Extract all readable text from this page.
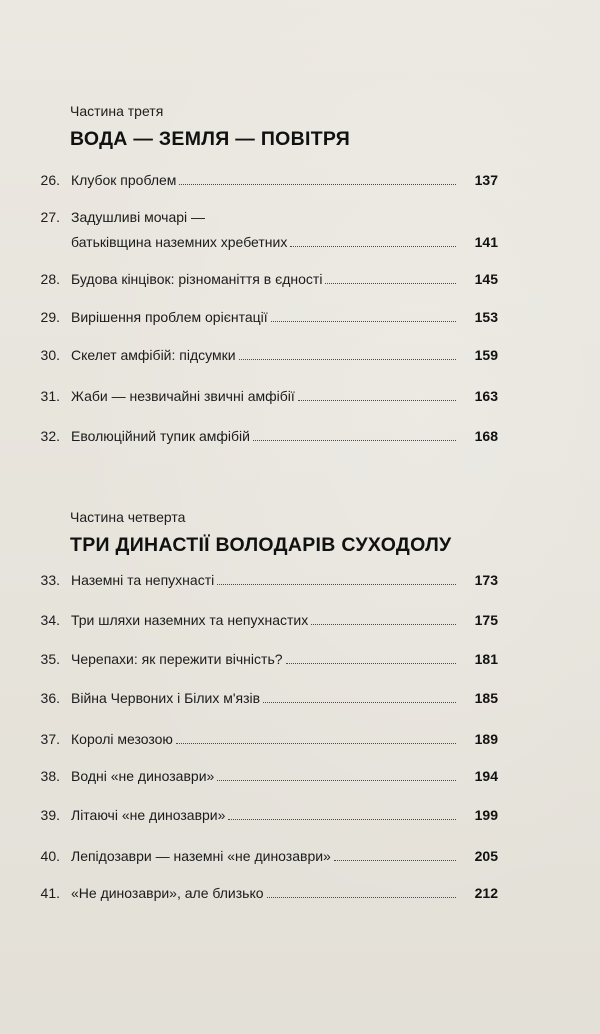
Частина третя

ВОДА — ЗЕМЛЯ — ПОВІТРЯ

26. Клубок проблем	137
27. Задушливі мочарі —
батьківщина наземних хребетних	141
28. Будова кінцівок: різноманіття в єдності	145
29. Вирішення проблем орієнтації	153
30. Скелет амфібій: підсумки	159
31. Жаби — незвичайні звичні амфібії	163
32. Еволюційний тупик амфібій	168

Частина четверта

ТРИ ДИНАСТІЇ ВОЛОДАРІВ СУХОДОЛУ

33. Наземні та непухнасті	173
34. Три шляхи наземних та непухнастих	175
35. Черепахи: як пережити вічність?	181
36. Війна Червоних і Білих м'язів	185
37. Королі мезозою	189
38. Водні «не динозаври»	194
39. Літаючі «не динозаври»	199
40. Лепідозаври — наземні «не динозаври»	205
41. «Не динозаври», але близько	212
